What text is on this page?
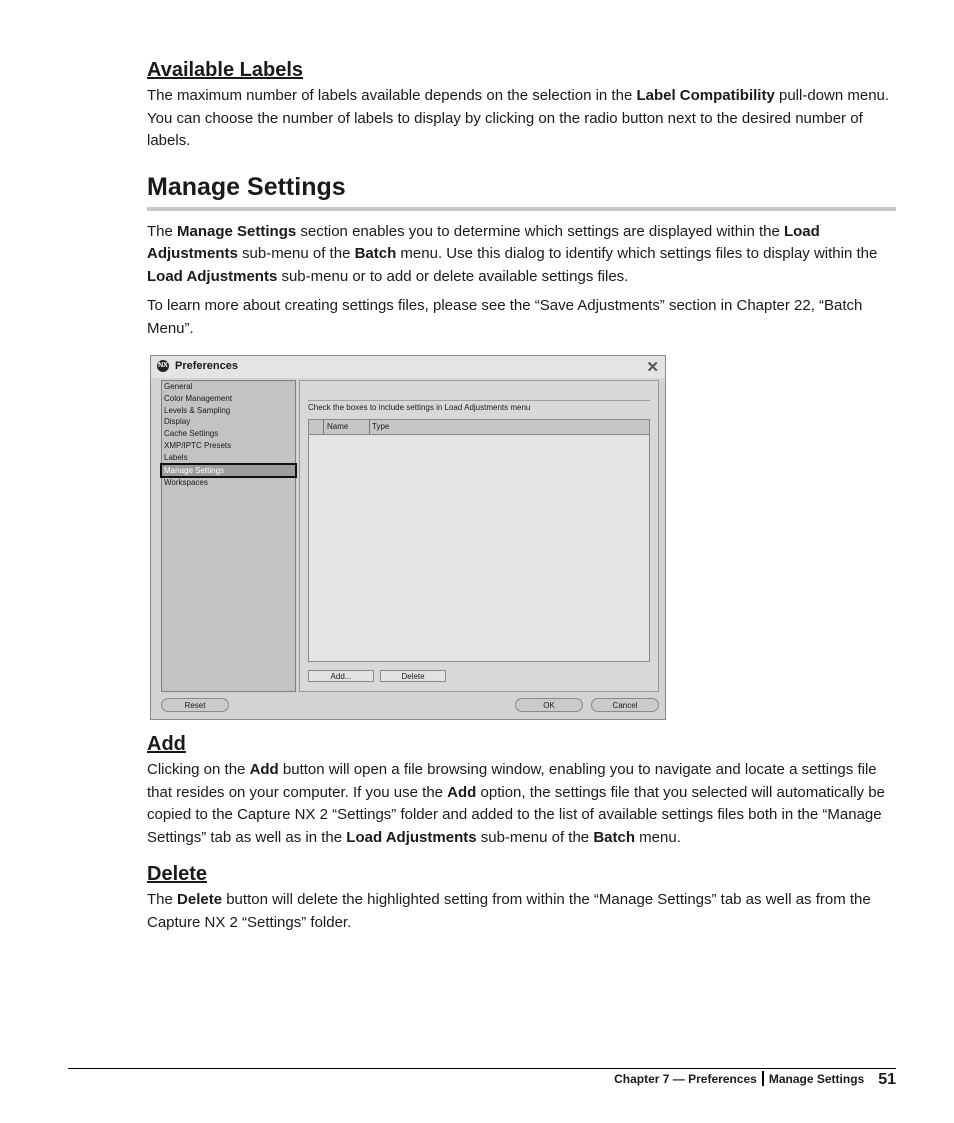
Available Labels

The maximum number of labels available depends on the selection in the Label Compatibility pull-down menu. You can choose the number of labels to display by clicking on the radio button next to the desired number of labels.

Manage Settings

The Manage Settings section enables you to determine which settings are displayed within the Load Adjustments sub-menu of the Batch menu. Use this dialog to identify which settings files to display within the Load Adjustments sub-menu or to add or delete available settings files.

To learn more about creating settings files, please see the “Save Adjustments” section in Chapter 22, “Batch Menu”.

NX Preferences	✕
General
Color Management
Levels & Sampling
Display
Cache Settings
XMP/IPTC Presets
Labels
Manage Settings
Workspaces
Check the boxes to include settings in Load Adjustments menu
Name	Type
Add...	Delete
Reset	OK	Cancel
Add

Clicking on the Add button will open a file browsing window, enabling you to navigate and locate a settings file that resides on your computer. If you use the Add option, the settings file that you selected will automatically be copied to the Capture NX 2 “Settings” folder and added to the list of available settings files both in the “Manage Settings” tab as well as in the Load Adjustments sub-menu of the Batch menu.

Delete

The Delete button will delete the highlighted setting from within the “Manage Settings” tab as well as from the Capture NX 2 “Settings” folder.

Chapter 7 — Preferences Manage Settings 51
